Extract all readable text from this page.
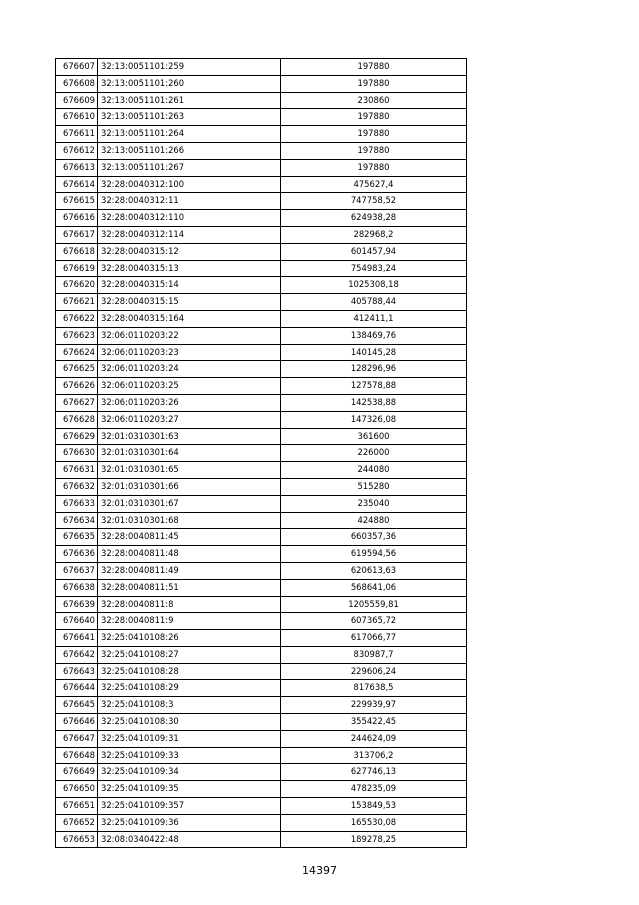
676607	32:13:0051101:259	197880
676608	32:13:0051101:260	197880
676609	32:13:0051101:261	230860
676610	32:13:0051101:263	197880
676611	32:13:0051101:264	197880
676612	32:13:0051101:266	197880
676613	32:13:0051101:267	197880
676614	32:28:0040312:100	475627,4
676615	32:28:0040312:11	747758,52
676616	32:28:0040312:110	624938,28
676617	32:28:0040312:114	282968,2
676618	32:28:0040315:12	601457,94
676619	32:28:0040315:13	754983,24
676620	32:28:0040315:14	1025308,18
676621	32:28:0040315:15	405788,44
676622	32:28:0040315:164	412411,1
676623	32:06:0110203:22	138469,76
676624	32:06:0110203:23	140145,28
676625	32:06:0110203:24	128296,96
676626	32:06:0110203:25	127578,88
676627	32:06:0110203:26	142538,88
676628	32:06:0110203:27	147326,08
676629	32:01:0310301:63	361600
676630	32:01:0310301:64	226000
676631	32:01:0310301:65	244080
676632	32:01:0310301:66	515280
676633	32:01:0310301:67	235040
676634	32:01:0310301:68	424880
676635	32:28:0040811:45	660357,36
676636	32:28:0040811:48	619594,56
676637	32:28:0040811:49	620613,63
676638	32:28:0040811:51	568641,06
676639	32:28:0040811:8	1205559,81
676640	32:28:0040811:9	607365,72
676641	32:25:0410108:26	617066,77
676642	32:25:0410108:27	830987,7
676643	32:25:0410108:28	229606,24
676644	32:25:0410108:29	817638,5
676645	32:25:0410108:3	229939,97
676646	32:25:0410108:30	355422,45
676647	32:25:0410109:31	244624,09
676648	32:25:0410109:33	313706,2
676649	32:25:0410109:34	627746,13
676650	32:25:0410109:35	478235,09
676651	32:25:0410109:357	153849,53
676652	32:25:0410109:36	165530,08
676653	32:08:0340422:48	189278,25
14397
